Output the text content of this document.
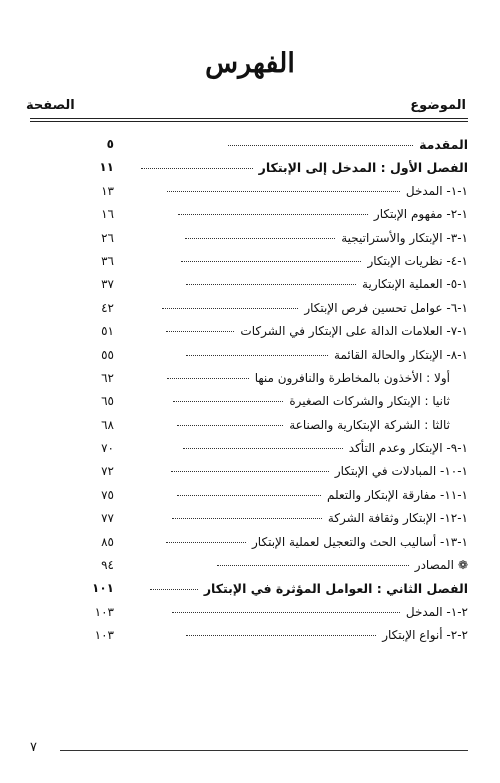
الفهرس
الموضوع
الصفحة
المقدمة
٥
الفصل الأول : المدخل إلى الإبتكار
١١
١-١- المدخل
١٣
١-٢- مفهوم الإبتكار
١٦
١-٣- الإبتكار والأستراتيجية
٢٦
١-٤- نظريات الإبتكار
٣٦
١-٥- العملية الإبتكارية
٣٧
١-٦- عوامل تحسين فرص الإبتكار
٤٢
١-٧- العلامات الدالة على الإبتكار في الشركات
٥١
١-٨- الإبتكار والحالة القائمة
٥٥
أولا : الأخذون بالمخاطرة والنافرون منها
٦٢
ثانيا : الإبتكار والشركات الصغيرة
٦٥
ثالثا : الشركة الإبتكارية والصناعة
٦٨
١-٩- الإبتكار وعدم التأكد
٧٠
١-١٠- المبادلات في الإبتكار
٧٢
١-١١- مفارقة الإبتكار والتعلم
٧٥
١-١٢- الإبتكار وثقافة الشركة
٧٧
١-١٣- أساليب الحث والتعجيل لعملية الإبتكار
٨٥
❁
المصادر
٩٤
الفصل الثاني : العوامل المؤثرة في الإبتكار
١٠١
٢-١- المدخل
١٠٣
٢-٢- أنواع الإبتكار
١٠٣
٧
